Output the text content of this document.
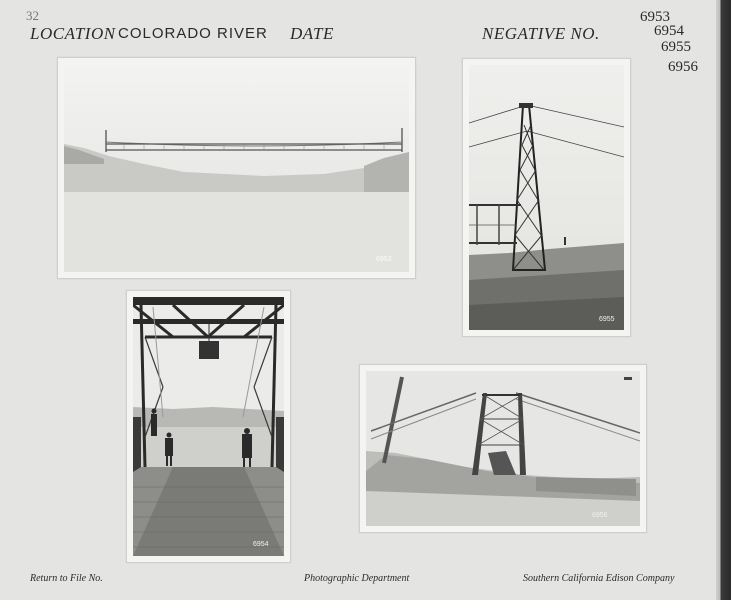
32
LOCATION COLORADO RIVER DATE	NEGATIVE NO.
6953
6954
6955
6956
6953
6955
6954
6956
Return to File No.	Photographic Department	Southern California Edison Company
